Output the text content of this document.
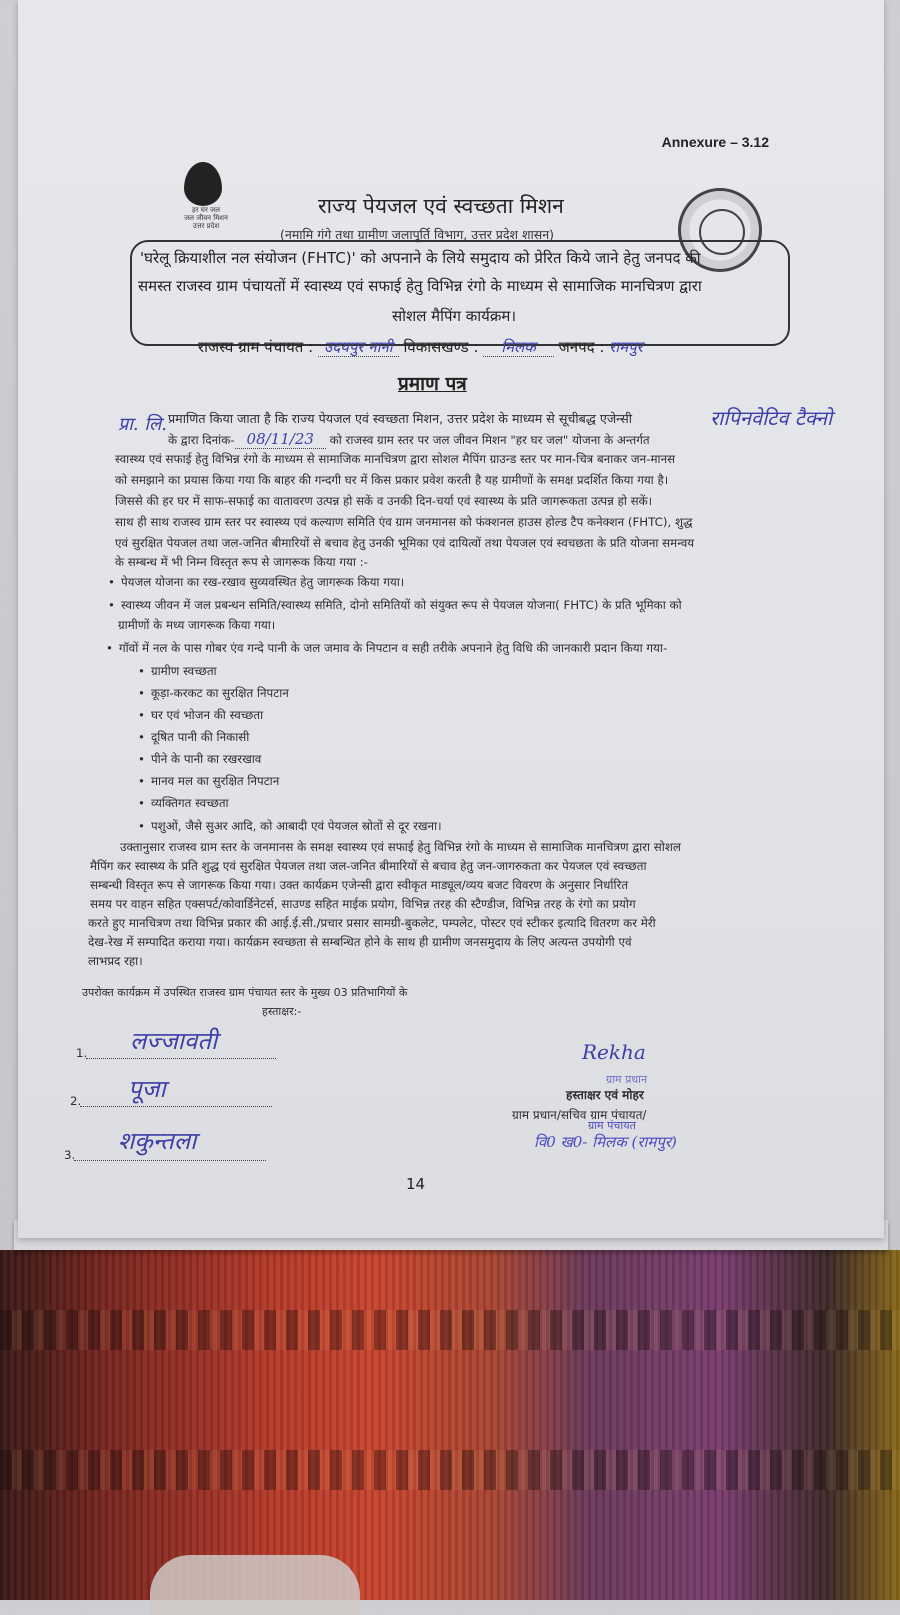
Annexure – 3.12
हर घर जल
जल जीवन मिशन
उत्तर प्रदेश
राज्य पेयजल एवं स्वच्छता मिशन
(नमामि गंगे तथा ग्रामीण जलापूर्ति विभाग, उत्तर प्रदेश शासन)
'घरेलू क्रियाशील नल संयोजन (FHTC)' को अपनाने के लिये समुदाय को प्रेरित किये जाने हेतु जनपद की
समस्त राजस्व ग्राम पंचायतों में स्वास्थ्य एवं सफाई हेतु विभिन्न रंगो के माध्यम से सामाजिक मानचित्रण द्वारा
सोशल मैपिंग कार्यक्रम।
राजस्व ग्राम पंचायत : उदयपुर नानी विकासखण्ड : मिलक जनपद : रामपुर
प्रमाण पत्र
प्रमाणित किया जाता है कि राज्य पेयजल एवं स्वच्छता मिशन, उत्तर प्रदेश के माध्यम से सूचीबद्ध एजेन्सी	रापिनवेटिव टैक्नो
प्रा. लि.
के द्वारा दिनांक- 08/11/23 को राजस्व ग्राम स्तर पर जल जीवन मिशन "हर घर जल" योजना के अन्तर्गत
स्वास्थ्य एवं सफाई हेतु विभिन्न रंगो के माध्यम से सामाजिक मानचित्रण द्वारा सोशल मैपिंग ग्राउन्ड स्तर पर मान-चित्र बनाकर जन-मानस
को समझाने का प्रयास किया गया कि बाहर की गन्दगी घर में किस प्रकार प्रवेश करती है यह ग्रामीणों के समक्ष प्रदर्शित किया गया है।
जिससे की हर घर में साफ-सफाई का वातावरण उत्पन्न हो सकें व उनकी दिन-चर्या एवं स्वास्थ्य के प्रति जागरूकता उत्पन्न हो सकें।
साथ ही साथ राजस्व ग्राम स्तर पर स्वास्थ्य एवं कल्याण समिति एंव ग्राम जनमानस को फंक्शनल हाउस होल्ड टैप कनेक्शन (FHTC), शुद्ध
एवं सुरक्षित पेयजल तथा जल-जनित बीमारियों से बचाव हेतु उनकी भूमिका एवं दायित्वों तथा पेयजल एवं स्वचछता के प्रति योजना समन्वय
के सम्बन्ध में भी निम्न विस्तृत रूप से जागरूक किया गया :-
• पेयजल योजना का रख-रखाव सुव्यवस्थित हेतु जागरूक किया गया।
• स्वास्थ्य जीवन में जल प्रबन्धन समिति/स्वास्थ्य समिति, दोनो समितियों को संयुक्त रूप से पेयजल योजना( FHTC) के प्रति भूमिका को
ग्रामीणों के मध्य जागरूक किया गया।
• गॉवों में नल के पास गोबर एंव गन्दे पानी के जल जमाव के निपटान व सही तरीके अपनाने हेतु विधि की जानकारी प्रदान किया गया-
• ग्रामीण स्वच्छता
• कूड़ा-करकट का सुरक्षित निपटान
• घर एवं भोजन की स्वच्छता
• दूषित पानी की निकासी
• पीने के पानी का रखरखाव
• मानव मल का सुरक्षित निपटान
• व्यक्तिगत स्वच्छता
• पशुओं, जैसे सुअर आदि, को आबादी एवं पेयजल स्रोतों से दूर रखना।
उक्तानुसार राजस्व ग्राम स्तर के जनमानस के समक्ष स्वास्थ्य एवं सफाई हेतु विभिन्न रंगो के माध्यम से सामाजिक मानचित्रण द्वारा सोशल
मैपिंग कर स्वास्थ्य के प्रति शुद्ध एवं सुरक्षित पेयजल तथा जल-जनित बीमारियों से बचाव हेतु जन-जागरुकता कर पेयजल एवं स्वच्छता
सम्बन्धी विस्तृत रूप से जागरूक किया गया। उक्त कार्यक्रम एजेन्सी द्वारा स्वीकृत माड्यूल/व्यय बजट विवरण के अनुसार निर्धारित
समय पर वाहन सहित एक्सपर्ट/कोवार्डिनेटर्स, साउण्ड सहित माईक प्रयोग, विभिन्न तरह की स्टैण्डीज, विभिन्न तरह के रंगो का प्रयोग
करते हुए मानचित्रण तथा विभिन्न प्रकार की आई.ई.सी./प्रचार प्रसार सामग्री-बुकलेट, पम्पलेट, पोस्टर एवं स्टीकर इत्यादि वितरण कर मेरी
देख-रेख में सम्पादित कराया गया। कार्यक्रम स्वच्छता से सम्बन्धित होने के साथ ही ग्रामीण जनसमुदाय के लिए अत्यन्त उपयोगी एवं
लाभप्रद रहा।
उपरोक्त कार्यक्रम में उपस्थित राजस्व ग्राम पंचायत स्तर के मुख्य 03 प्रतिभागियों के
हस्ताक्षर:-
1. लज्जावती
2. पूजा
3. शकुन्तला
Rekha
ग्राम प्रधान
हस्ताक्षर एवं मोहर
ग्राम प्रधान/सचिव ग्राम पंचायत/
ग्राम पंचायत
वि0 ख0- मिलक (रामपुर)
14
